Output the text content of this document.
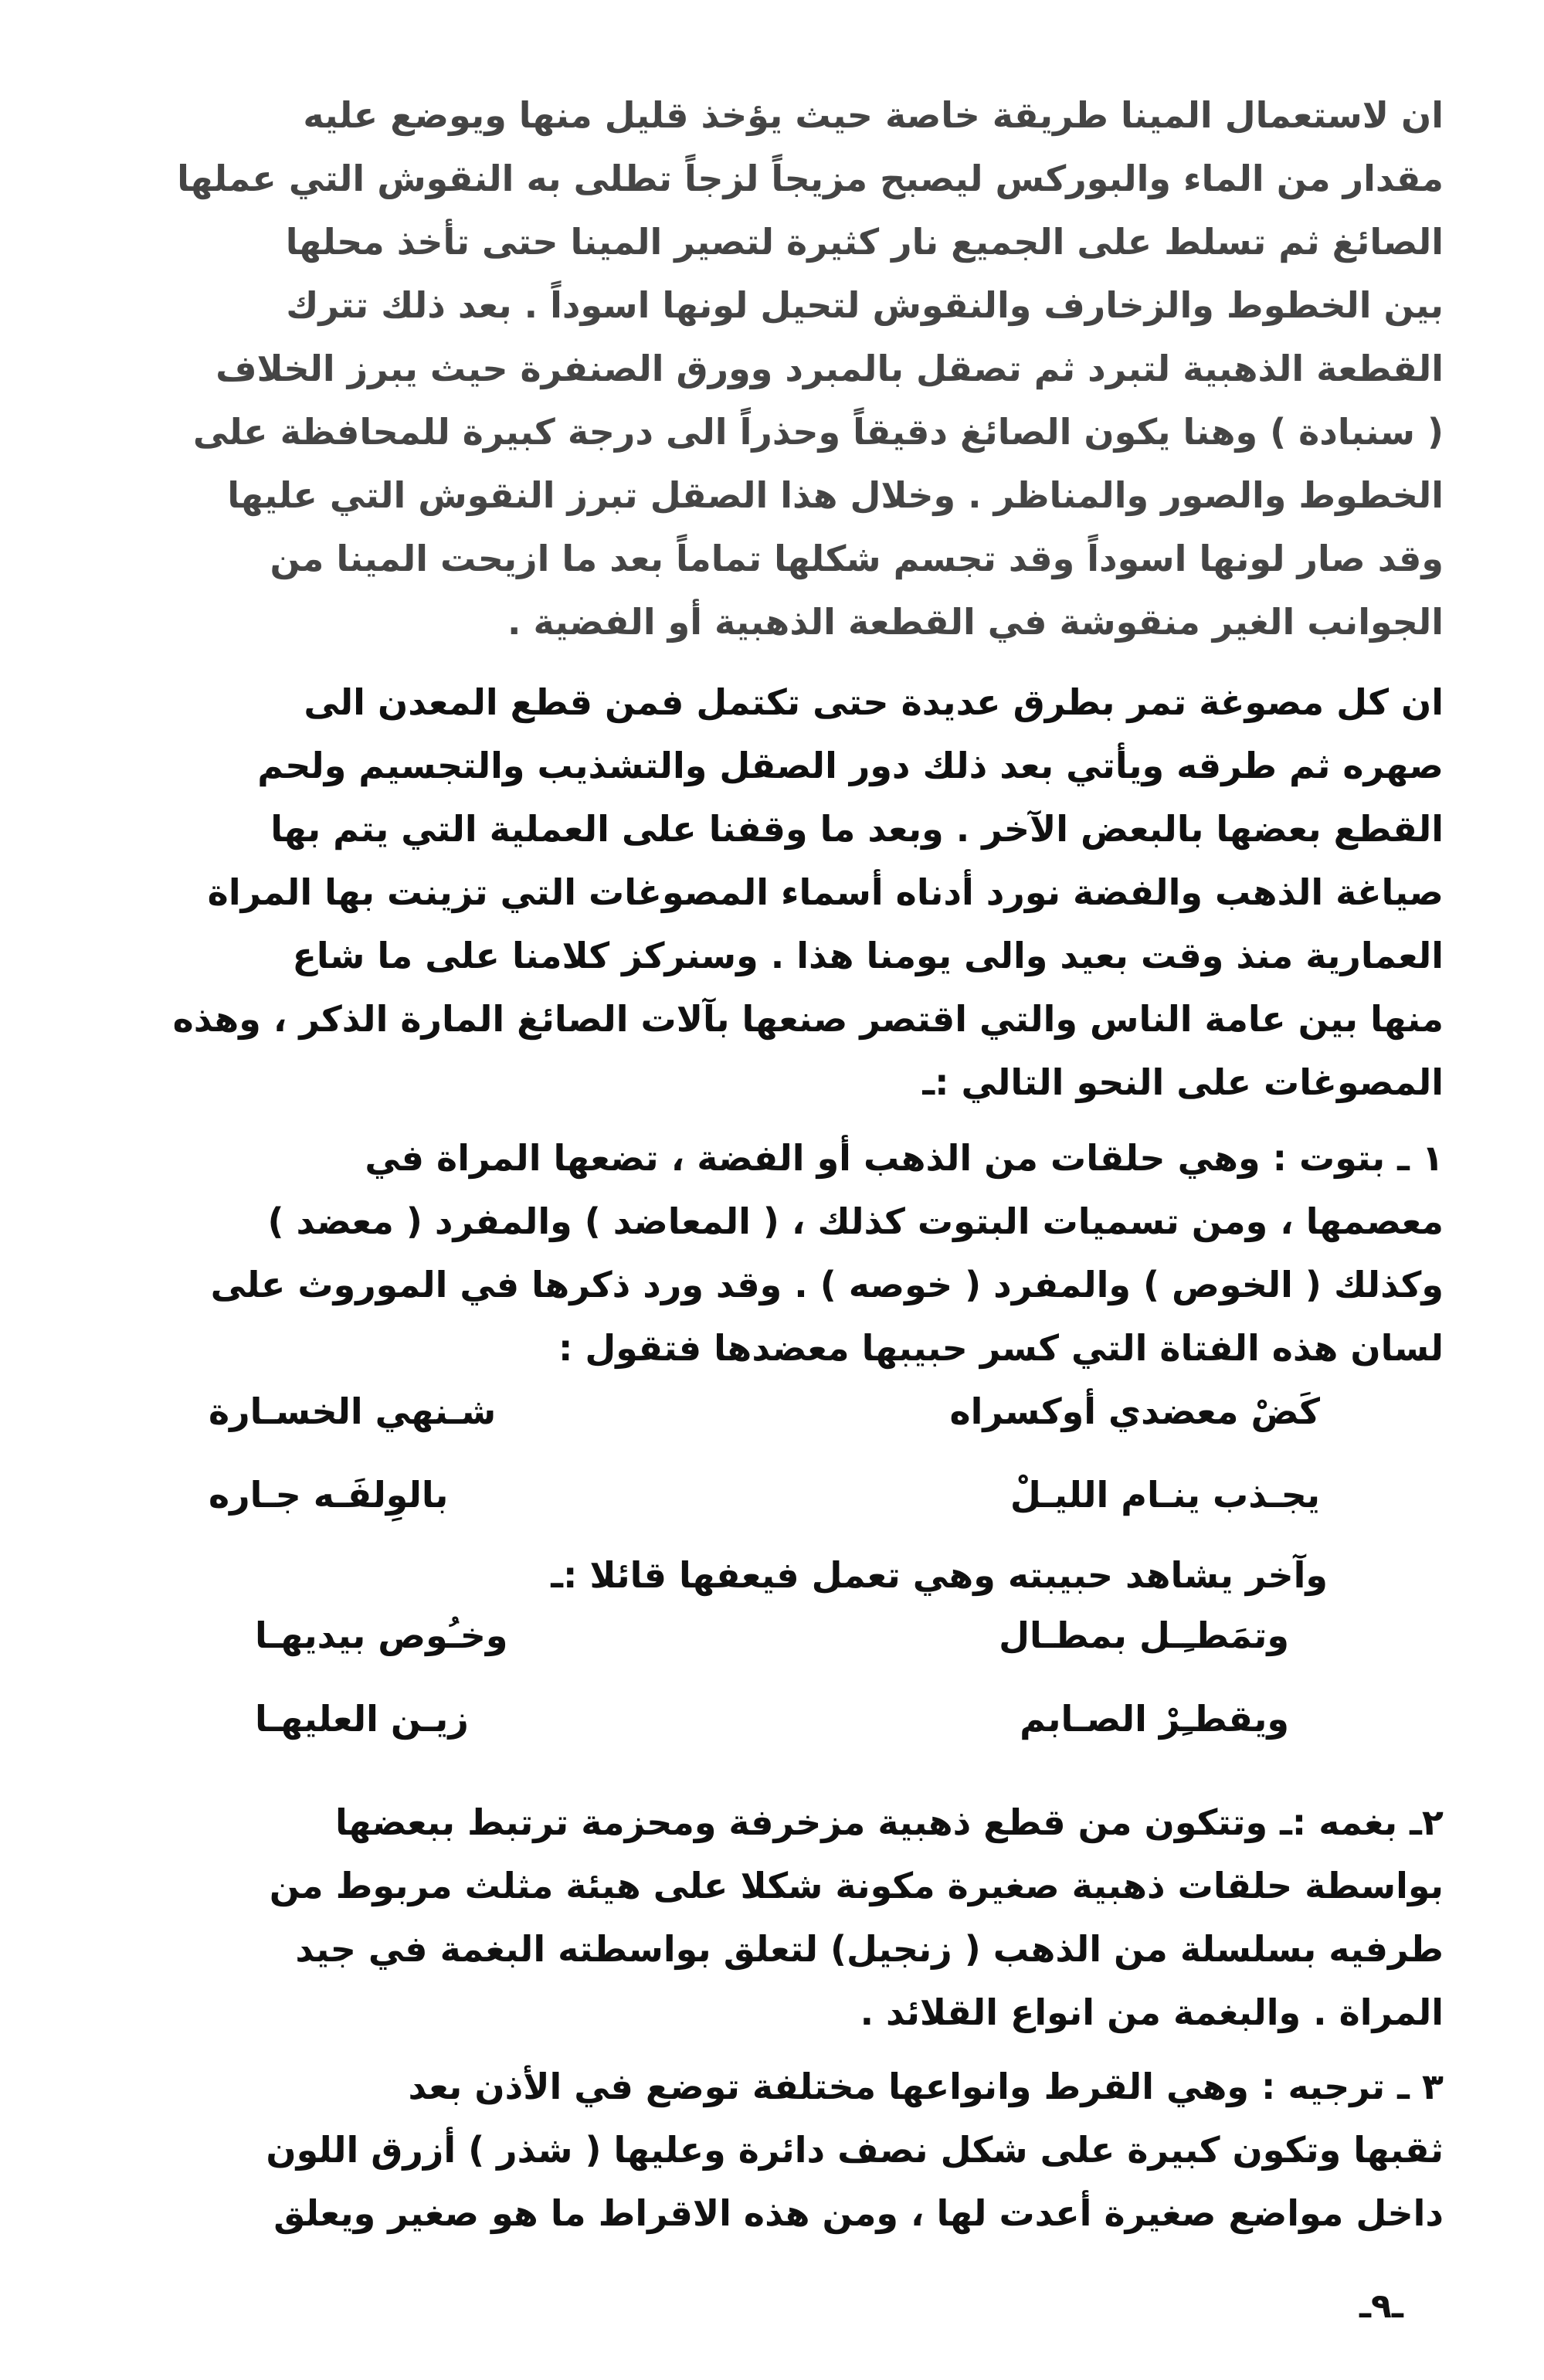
ان لاستعمال المينا طريقة خاصة حيث يؤخذ قليل منها ويوضع عليه
مقدار من الماء والبوركس ليصبح مزيجاً لزجاً تطلى به النقوش التي عملها
الصائغ ثم تسلط على الجميع نار كثيرة لتصير المينا حتى تأخذ محلها
بين الخطوط والزخارف والنقوش لتحيل لونها اسوداً . بعد ذلك تترك
القطعة الذهبية لتبرد ثم تصقل بالمبرد وورق الصنفرة حيث يبرز الخلاف
( سنبادة ) وهنا يكون الصائغ دقيقاً وحذراً الى درجة كبيرة للمحافظة على
الخطوط والصور والمناظر . وخلال هذا الصقل تبرز النقوش التي عليها
وقد صار لونها اسوداً وقد تجسم شكلها تماماً بعد ما ازيحت المينا من
الجوانب الغير منقوشة في القطعة الذهبية أو الفضية .
ان كل مصوغة تمر بطرق عديدة حتى تكتمل فمن قطع المعدن الى
صهره ثم طرقه ويأتي بعد ذلك دور الصقل والتشذيب والتجسيم ولحم
القطع بعضها بالبعض الآخر . وبعد ما وقفنا على العملية التي يتم بها
صياغة الذهب والفضة نورد أدناه أسماء المصوغات التي تزينت بها المراة
العمارية منذ وقت بعيد والى يومنا هذا . وسنركز كلامنا على ما شاع
منها بين عامة الناس والتي اقتصر صنعها بآلات الصائغ المارة الذكر ، وهذه
المصوغات على النحو التالي :ـ
١ ـ بتوت : وهي حلقات من الذهب أو الفضة ، تضعها المراة في
معصمها ، ومن تسميات البتوت كذلك ، ( المعاضد ) والمفرد ( معضد )
وكذلك ( الخوص ) والمفرد ( خوصه ) . وقد ورد ذكرها في الموروث على
لسان هذه الفتاة التي كسر حبيبها معضدها فتقول :
كَضْ معضدي أوكسراه
شـنهي الخسـارة
يجـذب ينـام الليـلْ
بالوِلفَـه جـاره
وآخر يشاهد حبيبته وهي تعمل فيعفها قائلا :ـ
وتمَطـِـل بمطـال
وخـُوص بيديهـا
ويقطـِرْ الصـابم
زيـن العليهـا
٢ـ بغمه :ـ وتتكون من قطع ذهبية مزخرفة ومحزمة ترتبط ببعضها
بواسطة حلقات ذهبية صغيرة مكونة شكلا على هيئة مثلث مربوط من
طرفيه بسلسلة من الذهب ( زنجيل) لتعلق بواسطته البغمة في جيد
المراة . والبغمة من انواع القلائد .
٣ ـ ترجيه : وهي القرط وانواعها مختلفة توضع في الأذن بعد
ثقبها وتكون كبيرة على شكل نصف دائرة وعليها ( شذر ) أزرق اللون
داخل مواضع صغيرة أعدت لها ، ومن هذه الاقراط ما هو صغير ويعلق
ـ٩ـ
